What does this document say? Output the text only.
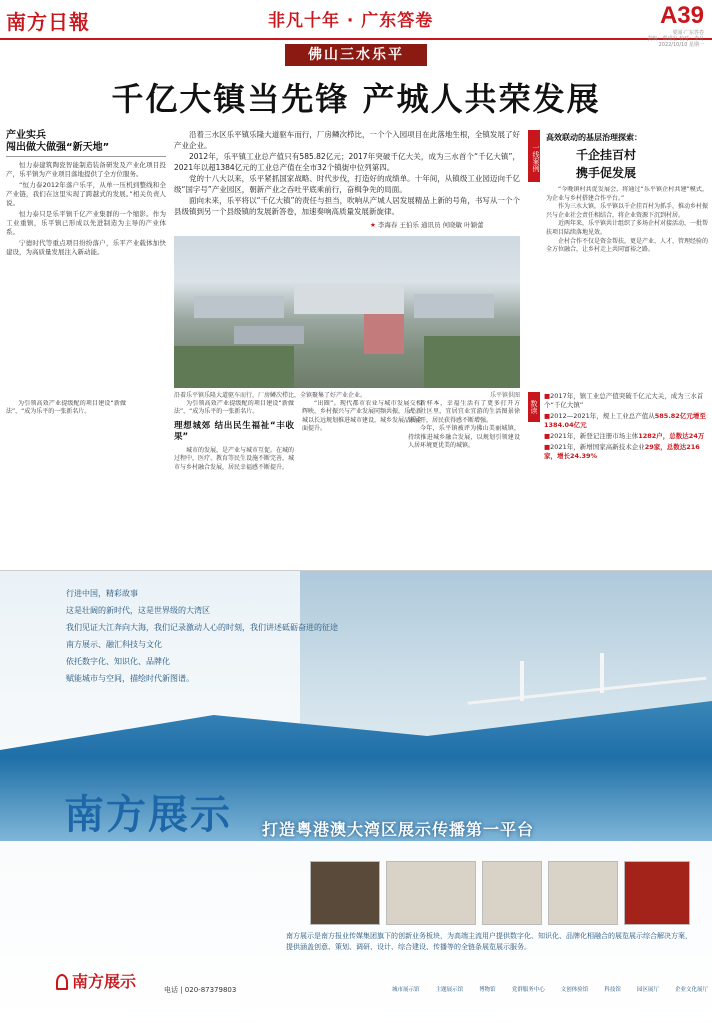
南方日報	非凡十年 · 广东答卷	A39
要闻·广东答卷
责编：郑成宏 校对：李月
2022/10/10 星期一
佛山三水乐平
千亿大镇当先锋 产城人共荣发展
产业实兵
闯出做大做强“新天地”

恒力泰建筑陶瓷智能制造装备研发及产业化项目投产，乐平镇为产业项目落地提供了全方位服务。

“恒力泰2012年落户乐平，从单一压机到整线和全产业链，我们在这里实现了跨越式的发展。”相关负责人说。

恒力泰只是乐平镇千亿产业集群的一个缩影。作为工业重镇，乐平镇已形成以先进制造为主导的产业体系。

宁德时代等重点项目纷纷落户，乐平产业载体加快建设，为高质量发展注入新动能。

沿着三水区乐平镇乐隆大道驱车而行，厂房鳞次栉比，一个个入园项目在此落地生根，全镇发展了好产业企业。

2012年，乐平镇工业总产值只有585.82亿元；2017年突破千亿大关，成为三水首个“千亿大镇”，2021年以超1384亿元的工业总产值在全市32个镇街中位列第四。

党的十八大以来，乐平紧抓国家战略、时代步伐，打造好的成绩单。十年间，从镇级工业园迈向千亿级“国字号”产业园区，朝新产业之吞吐平底乘前行，奋楫争先的局面。

面向未来，乐平将以“千亿大镇”的责任与担当，吹响从产城人居发展精品上新的号角，书写从一个个县级镇到另一个县级镇的发展新答卷，加速奏响高质量发展新旋律。

★ 李海春 王伯乐 通讯员 何晓敏 叶颖蕾
沿着乐平镇乐隆大道驱车而行，厂房鳞次栉比，全镇聚集了好产业企业。	乐平镇供图

为引领高效产业提级配的项目建设“新做法”，“成为乐平的一张新名片。

为引领高效产业提级配的项目建设“新做法”，“成为乐平的一张新名片。

理想城郊 结出民生福祉“丰收果”

城市的发展，是产业与城市互促。在城的过程中，医疗、教育等民生设施不断完善，城市与乡村融合发展，居民幸福感不断提升。

“出圈”。现代都市农业与城市发展交相辉映，乡村振兴与产业发展同频共振，乐平新城以长远规划推进城市建设，城乡发展品质全面提升。

新样本，幸福生活有了更多打开方式。社区里，宜居宜业宜游的生活图景徐徐展开，居民获得感不断增强。

今年，乐平镇被评为佛山美丽城镇，持续推进城乡融合发展，以规划引领建设人居环境更优美的城镇。

一线案例
高效联动的基层治理探索：
千企挂百村
携手促发展

“今晚镇村共促发展会，将通过“乐平镇企村共建”模式，为企业与乡村搭建合作平台。”

作为三水大镇，乐平镇以千企挂百村为抓手，推动乡村振兴与企业社会责任相结合，将企业资源下沉到村居。

近两年来，乐平镇共计组织了多场企村对接活动，一批帮扶项目陆续落地见效。

企村合作不仅是资金帮扶，更是产业、人才、管理经验的全方位融合，让乡村走上共同富裕之路。

数读
■2017年，镇工业总产值突破千亿元大关，成为三水首个“千亿大镇”
■2012—2021年，规上工业总产值从585.82亿元增至1384.04亿元
■2021年，新登记注册市场主体1282户，总数达24万
■2021年，新增国家高新技术企业29家，总数达216家，增长24.39%
行进中国，精彩故事
这是壮阔的新时代，这是世界级的大湾区
我们见证大江奔向大海，我们记录激动人心的时刻，我们讲述砥砺奋进的征途
南方展示、融汇科技与文化
依托数字化、知识化、品牌化
赋能城市与空间，描绘时代新图谱。
南方展示 打造粤港澳大湾区展示传播第一平台
南方展示是南方报业传媒集团旗下的创新业务板块，为高端主流用户提供数字化、知识化、品牌化相融合的展览展示综合解决方案，提供涵盖创意、策划、调研、设计、综合建设、传播等的全链条展览展示服务。
南方展示	电话 | 020-87379803	城市展示馆	主题展示馆	博物馆	党群服务中心	文创体验馆	科技馆	园区展厅	企业文化展厅
